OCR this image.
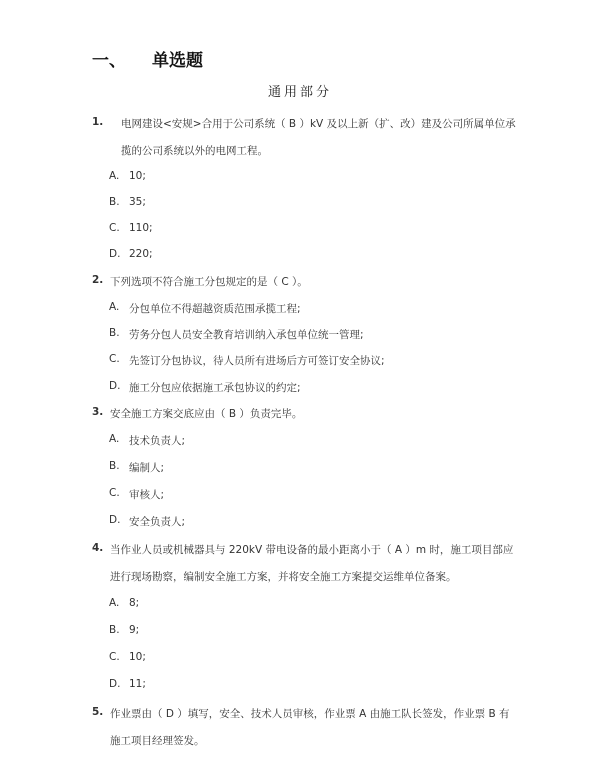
一、 单选题
通用部分
1. 电网建设<安规>合用于公司系统（ B ）kV 及以上新（扩、改）建及公司所属单位承
揽的公司系统以外的电网工程。
A. 10;
B. 35;
C. 110;
D. 220;
2. 下列选项不符合施工分包规定的是（ C ）。
A. 分包单位不得超越资质范围承揽工程;
B. 劳务分包人员安全教育培训纳入承包单位统一管理;
C. 先签订分包协议，待人员所有进场后方可签订安全协议;
D. 施工分包应依据施工承包协议的约定;
3. 安全施工方案交底应由（ B ）负责完毕。
A. 技术负责人;
B. 编制人;
C. 审核人;
D. 安全负责人;
4. 当作业人员或机械器具与 220kV 带电设备的最小距离小于（ A ）m 时，施工项目部应
进行现场勘察，编制安全施工方案，并将安全施工方案提交运维单位备案。
A. 8;
B. 9;
C. 10;
D. 11;
5. 作业票由（ D ）填写，安全、技术人员审核，作业票 A 由施工队长签发，作业票 B 有
施工项目经理签发。
